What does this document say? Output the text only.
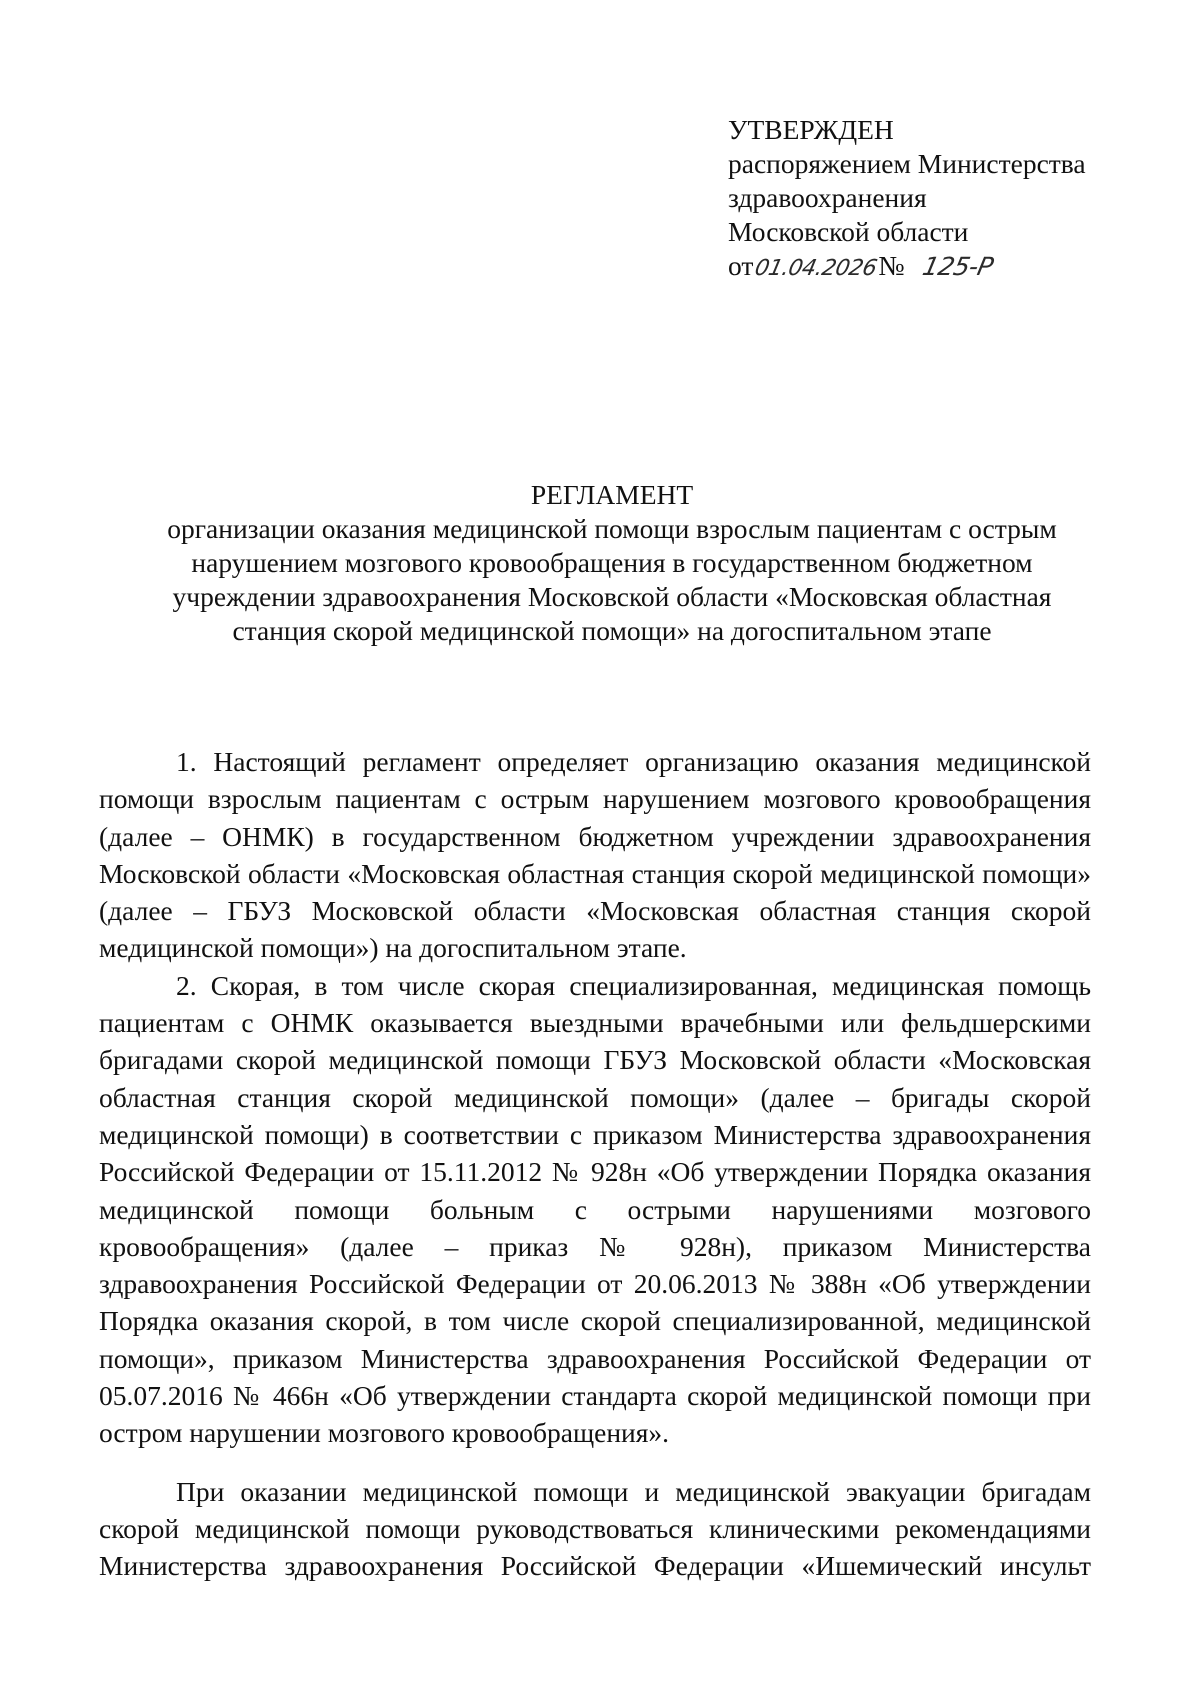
УТВЕРЖДЕН
распоряжением Министерства
здравоохранения
Московской области
от 01.04.2026 № 125-Р
РЕГЛАМЕНТ
организации оказания медицинской помощи взрослым пациентам с острым нарушением мозгового кровообращения в государственном бюджетном учреждении здравоохранения Московской области «Московская областная станция скорой медицинской помощи» на догоспитальном этапе

1. Настоящий регламент определяет организацию оказания медицинской помощи взрослым пациентам с острым нарушением мозгового кровообращения (далее – ОНМК) в государственном бюджетном учреждении здравоохранения Московской области «Московская областная станция скорой медицинской помощи» (далее – ГБУЗ Московской области «Московская областная станция скорой медицинской помощи») на догоспитальном этапе.

2. Скорая, в том числе скорая специализированная, медицинская помощь пациентам с ОНМК оказывается выездными врачебными или фельдшерскими бригадами скорой медицинской помощи ГБУЗ Московской области «Московская областная станция скорой медицинской помощи» (далее – бригады скорой медицинской помощи) в соответствии с приказом Министерства здравоохранения Российской Федерации от 15.11.2012 № 928н «Об утверждении Порядка оказания медицинской помощи больным с острыми нарушениями мозгового кровообращения» (далее – приказ № 928н), приказом Министерства здравоохранения Российской Федерации от 20.06.2013 № 388н «Об утверждении Порядка оказания скорой, в том числе скорой специализированной, медицинской помощи», приказом Министерства здравоохранения Российской Федерации от 05.07.2016 № 466н «Об утверждении стандарта скорой медицинской помощи при остром нарушении мозгового кровообращения».

При оказании медицинской помощи и медицинской эвакуации бригадам скорой медицинской помощи руководствоваться клиническими рекомендациями Министерства здравоохранения Российской Федерации «Ишемический инсульт
